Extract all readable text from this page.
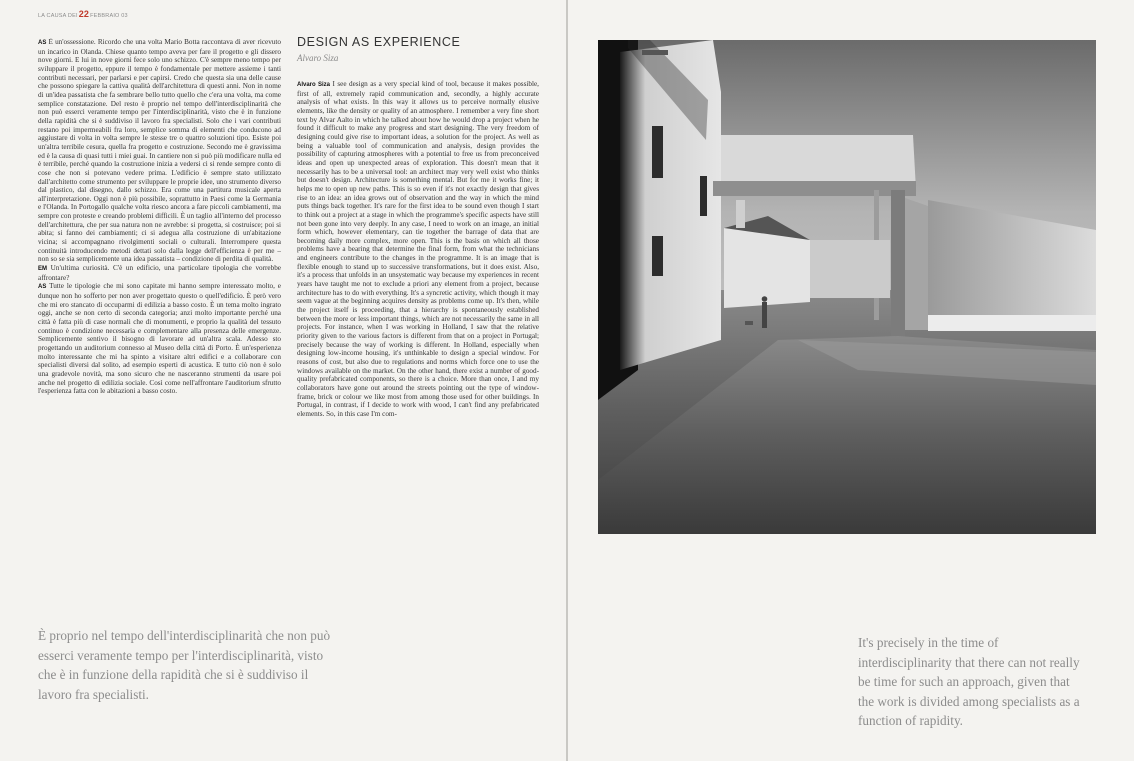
LA CAUSA DEI22FEBBRAIO 03

AS È un'ossessione. Ricordo che una volta Mario Botta raccontava di aver ricevuto un incarico in Olanda. Chiese quanto tempo aveva per fare il progetto e gli dissero nove giorni. E lui in nove giorni fece solo uno schizzo. C'è sempre meno tempo per sviluppare il progetto, eppure il tempo è fondamentale per mettere assieme i tanti contributi necessari, per parlarsi e per capirsi. Credo che questa sia una delle cause che possono spiegare la cattiva qualità dell'architettura di questi anni. Non in nome di un'idea passatista che fa sembrare bello tutto quello che c'era una volta, ma come semplice constatazione. Del resto è proprio nel tempo dell'interdisciplinarità che non può esserci veramente tempo per l'interdisciplinarità, visto che è in funzione della rapidità che si è suddiviso il lavoro fra specialisti. Solo che i vari contributi restano poi impermeabili fra loro, semplice somma di elementi che conducono ad aggiustare di volta in volta sempre le stesse tre o quattro soluzioni tipo. Esiste poi un'altra terribile cesura, quella fra progetto e costruzione. Secondo me è gravissima ed è la causa di quasi tutti i miei guai. In cantiere non si può più modificare nulla ed è terribile, perché quando la costruzione inizia a vedersi ci si rende sempre conto di cose che non si potevano vedere prima. L'edificio è sempre stato utilizzato dall'architetto come strumento per sviluppare le proprie idee, uno strumento diverso dal plastico, dal disegno, dallo schizzo. Era come una partitura musicale aperta all'interpretazione. Oggi non è più possibile, soprattutto in Paesi come la Germania e l'Olanda. In Portogallo qualche volta riesco ancora a fare piccoli cambiamenti, ma sempre con proteste e creando problemi difficili. È un taglio all'interno del processo dell'architettura, che per sua natura non ne avrebbe: si progetta, si costruisce; poi si abita; si fanno dei cambiamenti; ci si adegua alla costruzione di un'abitazione vicina; si accompagnano rivolgimenti sociali o culturali. Interrompere questa continuità introducendo metodi dettati solo dalla legge dell'efficienza è per me – non so se sia semplicemente una idea passatista – condizione di perdita di qualità.

EM Un'ultima curiosità. C'è un edificio, una particolare tipologia che vorrebbe affrontare?

AS Tutte le tipologie che mi sono capitate mi hanno sempre interessato molto, e dunque non ho sofferto per non aver progettato questo o quell'edificio. È però vero che mi ero stancato di occuparmi di edilizia a basso costo. È un tema molto ingrato oggi, anche se non certo di seconda categoria; anzi molto importante perché una città è fatta più di case normali che di monumenti, e proprio la qualità del tessuto continuo è condizione necessaria e complementare alla presenza delle emergenze. Semplicemente sentivo il bisogno di lavorare ad un'altra scala. Adesso sto progettando un auditorium connesso al Museo della città di Porto. È un'esperienza molto interessante che mi ha spinto a visitare altri edifici e a collaborare con specialisti diversi dal solito, ad esempio esperti di acustica. E tutto ciò non è solo una gradevole novità, ma sono sicuro che ne nasceranno strumenti da usare poi anche nel progetto di edilizia sociale. Così come nell'affrontare l'auditorium sfrutto l'esperienza fatta con le abitazioni a basso costo.

DESIGN AS EXPERIENCE
Alvaro Siza

Alvaro Siza I see design as a very special kind of tool, because it makes possible, first of all, extremely rapid communication and, secondly, a highly accurate analysis of what exists. In this way it allows us to perceive normally elusive elements, like the density or quality of an atmosphere. I remember a very fine short text by Alvar Aalto in which he talked about how he would drop a project when he found it difficult to make any progress and start designing. The very freedom of designing could give rise to important ideas, a solution for the project. As well as being a valuable tool of communication and analysis, design provides the possibility of capturing atmospheres with a potential to free us from preconceived ideas and open up unexpected areas of exploration. This doesn't mean that it necessarily has to be a universal tool: an architect may very well exist who thinks but doesn't design. Architecture is something mental. But for me it works fine; it helps me to open up new paths. This is so even if it's not exactly design that gives rise to an idea: an idea grows out of observation and the way in which the mind puts things back together. It's rare for the first idea to be sound even though I start to think out a project at a stage in which the programme's specific aspects have still not been gone into very deeply. In any case, I need to work on an image, an initial form which, however elementary, can tie together the barrage of data that are becoming daily more complex, more open. This is the basis on which all those problems have a bearing that determine the final form, from what the technicians and engineers contribute to the changes in the programme. It is an image that is flexible enough to stand up to successive transformations, but it does exist. Also, it's a process that unfolds in an unsystematic way because my experiences in recent years have taught me not to exclude a priori any element from a project, because architecture has to do with everything. It's a syncretic activity, which though it may seem vague at the beginning acquires density as problems come up. It's then, while the project itself is proceeding, that a hierarchy is spontaneously established between the more or less important things, which are not necessarily the same in all projects. For instance, when I was working in Holland, I saw that the relative priority given to the various factors is different from that on a project in Portugal; precisely because the way of working is different. In Holland, especially when designing low-income housing, it's unthinkable to design a special window. For reasons of cost, but also due to regulations and norms which force one to use the windows available on the market. On the other hand, there exist a number of good-quality prefabricated components, so there is a choice. More than once, I and my collaborators have gone out around the streets pointing out the type of window-frame, brick or colour we like most from among those used for other buildings. In Portugal, in contrast, if I decide to work with wood, I can't find any prefabricated elements. So, in this case I'm com-

È proprio nel tempo dell'interdisciplinarità che non può esserci veramente tempo per l'interdisciplinarità, visto che è in funzione della rapidità che si è suddiviso il lavoro fra specialisti.
It's precisely in the time of interdisciplinarity that there can not really be time for such an approach, given that the work is divided among specialists as a function of rapidity.
